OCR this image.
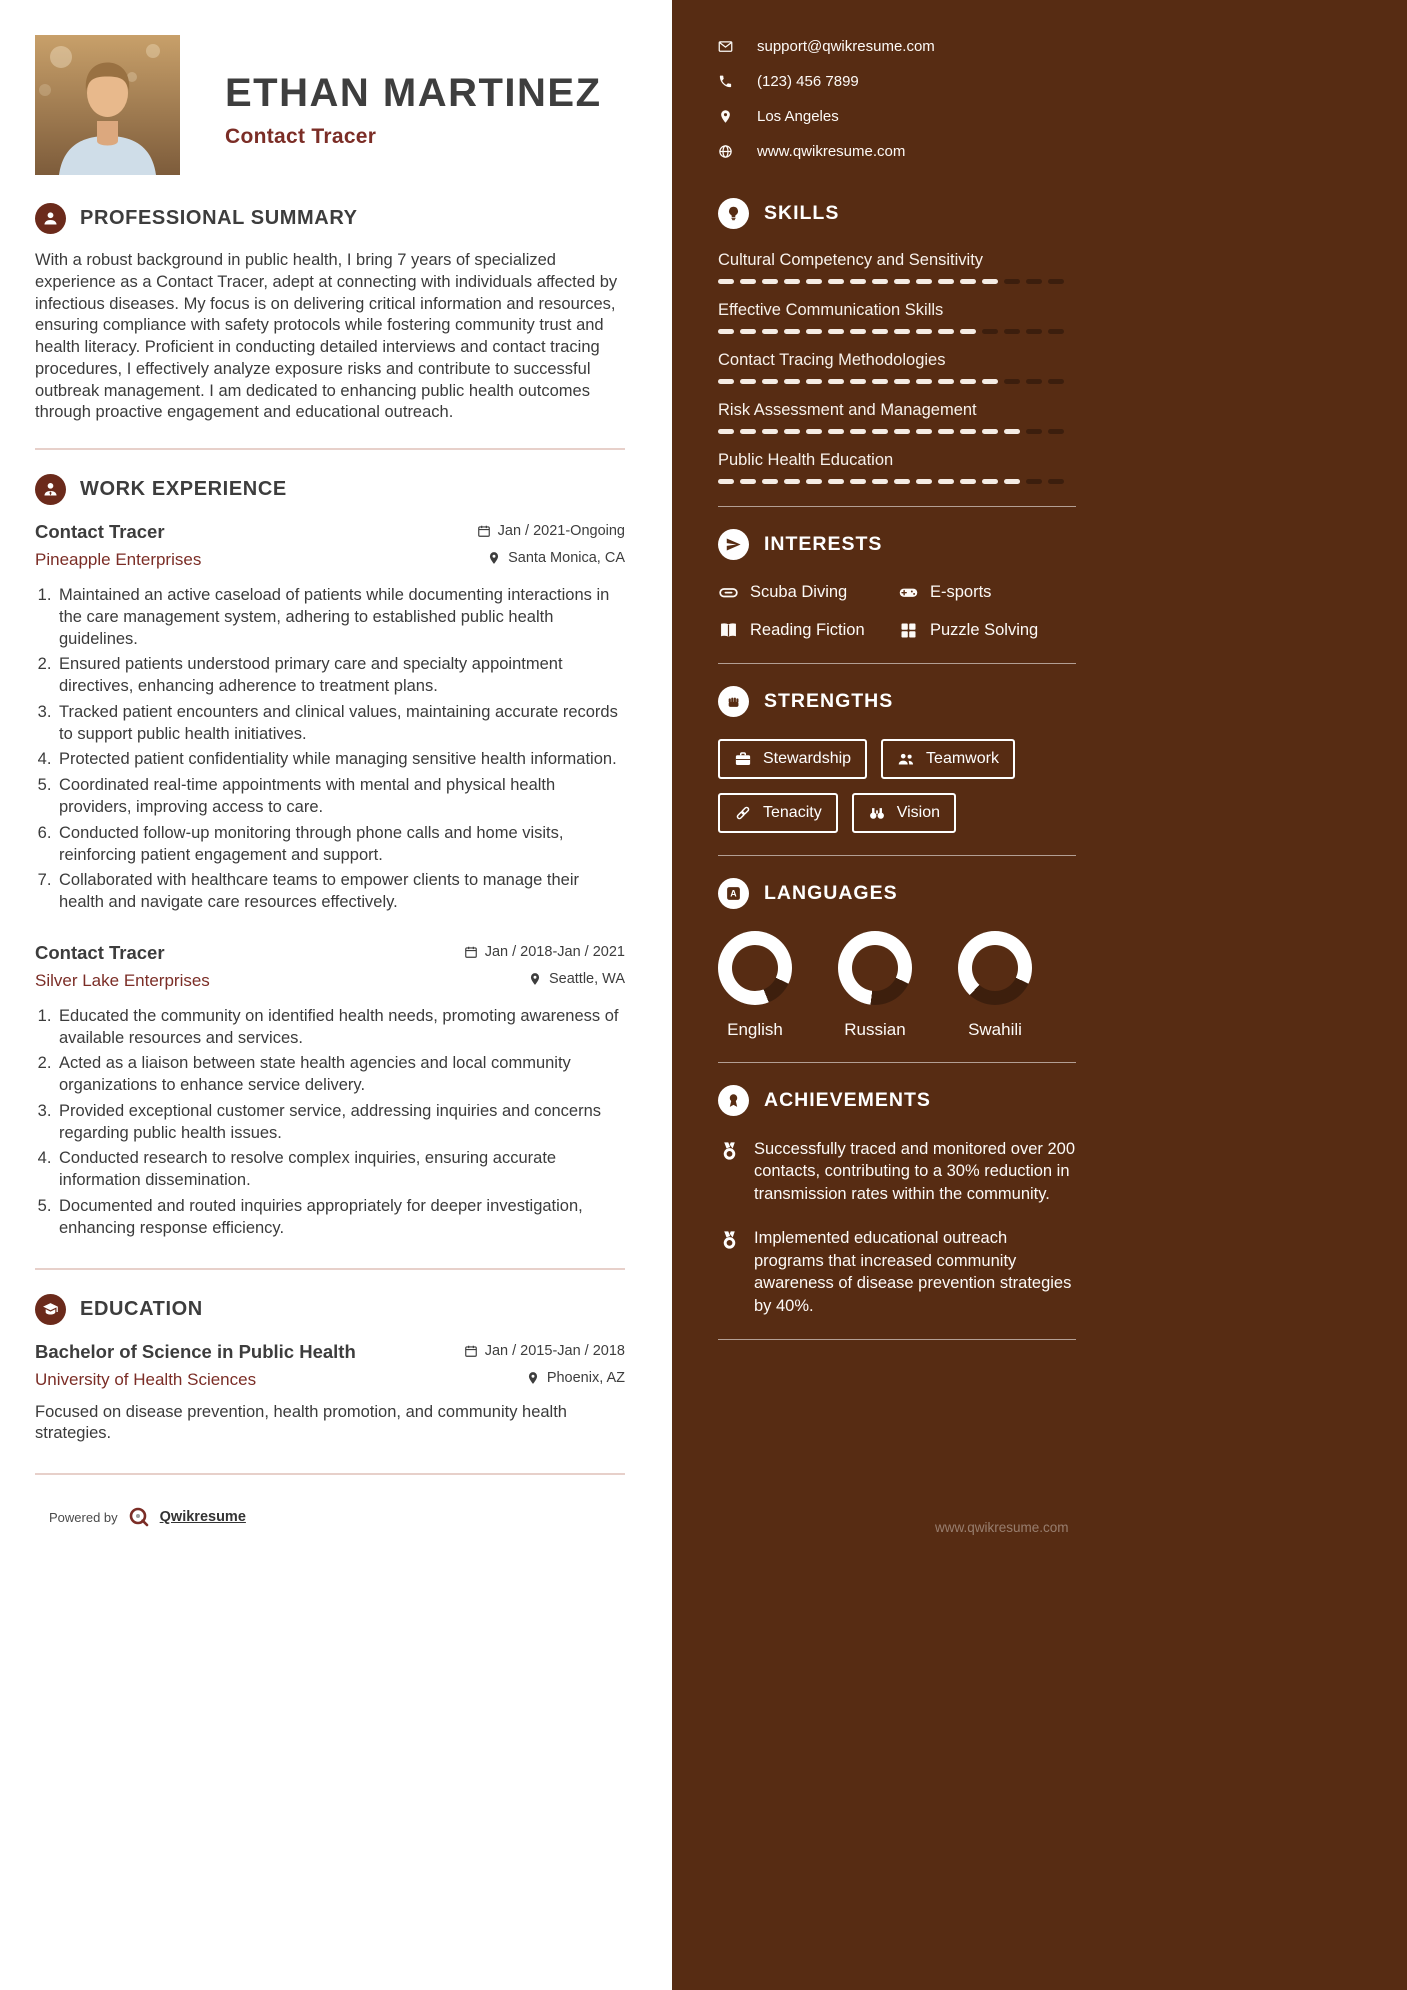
ETHAN MARTINEZ
Contact Tracer
PROFESSIONAL SUMMARY

With a robust background in public health, I bring 7 years of specialized experience as a Contact Tracer, adept at connecting with individuals affected by infectious diseases. My focus is on delivering critical information and resources, ensuring compliance with safety protocols while fostering community trust and health literacy. Proficient in conducting detailed interviews and contact tracing procedures, I effectively analyze exposure risks and contribute to successful outbreak management. I am dedicated to enhancing public health outcomes through proactive engagement and educational outreach.

WORK EXPERIENCE
Contact Tracer	Jan / 2021-Ongoing
Pineapple Enterprises	Santa Monica, CA
1. Maintained an active caseload of patients while documenting interactions in the care management system, adhering to established public health guidelines.
2. Ensured patients understood primary care and specialty appointment directives, enhancing adherence to treatment plans.
3. Tracked patient encounters and clinical values, maintaining accurate records to support public health initiatives.
4. Protected patient confidentiality while managing sensitive health information.
5. Coordinated real-time appointments with mental and physical health providers, improving access to care.
6. Conducted follow-up monitoring through phone calls and home visits, reinforcing patient engagement and support.
7. Collaborated with healthcare teams to empower clients to manage their health and navigate care resources effectively.
Contact Tracer	Jan / 2018-Jan / 2021
Silver Lake Enterprises	Seattle, WA
1. Educated the community on identified health needs, promoting awareness of available resources and services.
2. Acted as a liaison between state health agencies and local community organizations to enhance service delivery.
3. Provided exceptional customer service, addressing inquiries and concerns regarding public health issues.
4. Conducted research to resolve complex inquiries, ensuring accurate information dissemination.
5. Documented and routed inquiries appropriately for deeper investigation, enhancing response efficiency.
EDUCATION
Bachelor of Science in Public Health	Jan / 2015-Jan / 2018
University of Health Sciences	Phoenix, AZ

Focused on disease prevention, health promotion, and community health strategies.

Powered by	Qwikresume
support@qwikresume.com
(123) 456 7899
Los Angeles
www.qwikresume.com
SKILLS
Cultural Competency and Sensitivity
Effective Communication Skills
Contact Tracing Methodologies
Risk Assessment and Management
Public Health Education
INTERESTS
Scuba Diving	E-sports
Reading Fiction	Puzzle Solving
STRENGTHS
Stewardship	Teamwork
Tenacity	Vision
A LANGUAGES
English	Russian	Swahili
ACHIEVEMENTS
Successfully traced and monitored over 200 contacts, contributing to a 30% reduction in transmission rates within the community.
Implemented educational outreach programs that increased community awareness of disease prevention strategies by 40%.
www.qwikresume.com
